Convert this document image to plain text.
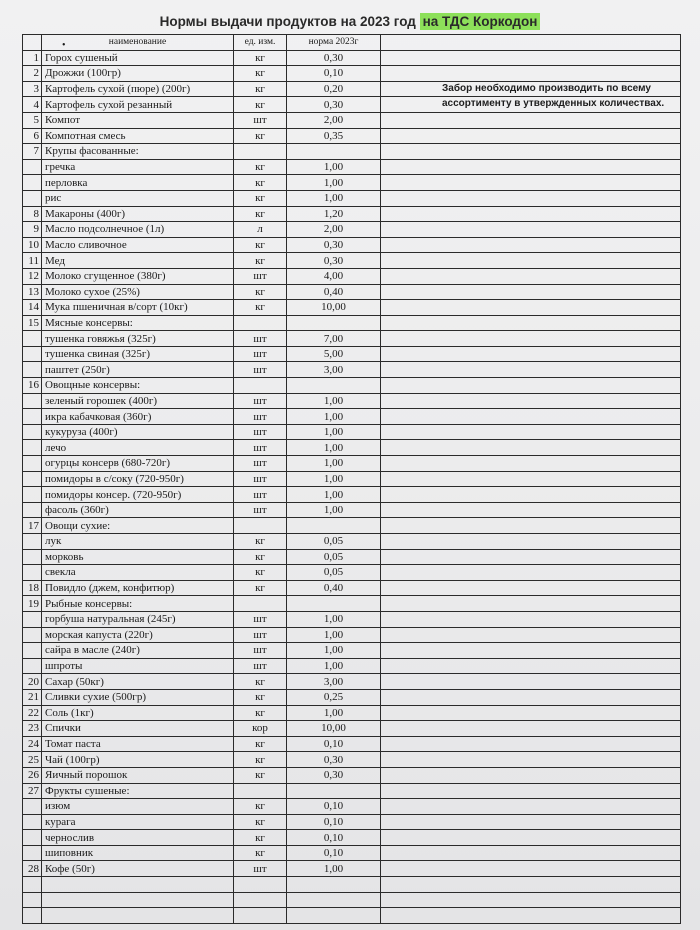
Нормы выдачи продуктов на 2023 год на ТДС Коркодон
•
		наименование	ед. изм.	норма 2023г	
1	Горох сушеный	кг	0,30	
2	Дрожжи (100гр)	кг	0,10	
3	Картофель сухой (пюре) (200г)	кг	0,20	
4	Картофель сухой резанный	кг	0,30	
5	Компот	шт	2,00	
6	Компотная смесь	кг	0,35	
7	Крупы фасованные:			
	гречка	кг	1,00	
	перловка	кг	1,00	
	рис	кг	1,00	
8	Макароны (400г)	кг	1,20	
9	Масло подсолнечное (1л)	л	2,00	
10	Масло сливочное	кг	0,30	
11	Мед	кг	0,30	
12	Молоко сгущенное (380г)	шт	4,00	
13	Молоко сухое (25%)	кг	0,40	
14	Мука пшеничная в/сорт (10кг)	кг	10,00	
15	Мясные консервы:			
	тушенка говяжья (325г)	шт	7,00	
	тушенка свиная (325г)	шт	5,00	
	паштет (250г)	шт	3,00	
16	Овощные консервы:			
	зеленый горошек (400г)	шт	1,00	
	икра кабачковая (360г)	шт	1,00	
	кукуруза (400г)	шт	1,00	
	лечо	шт	1,00	
	огурцы консерв (680-720г)	шт	1,00	
	помидоры в с/соку (720-950г)	шт	1,00	
	помидоры консер. (720-950г)	шт	1,00	
	фасоль (360г)	шт	1,00	
17	Овощи сухие:			
	лук	кг	0,05	
	морковь	кг	0,05	
	свекла	кг	0,05	
18	Повидло (джем, конфитюр)	кг	0,40	
19	Рыбные консервы:			
	горбуша натуральная (245г)	шт	1,00	
	морская капуста (220г)	шт	1,00	
	сайра в масле (240г)	шт	1,00	
	шпроты	шт	1,00	
20	Сахар (50кг)	кг	3,00	
21	Сливки сухие (500гр)	кг	0,25	
22	Соль (1кг)	кг	1,00	
23	Спички	кор	10,00	
24	Томат паста	кг	0,10	
25	Чай (100гр)	кг	0,30	
26	Яичный порошок	кг	0,30	
27	Фрукты сушеные:			
	изюм	кг	0,10	
	курага	кг	0,10	
	чернослив	кг	0,10	
	шиповник	кг	0,10	
28	Кофе (50г)	шт	1,00	

Забор необходимо производить по всему ассортименту в утвержденных количествах.
